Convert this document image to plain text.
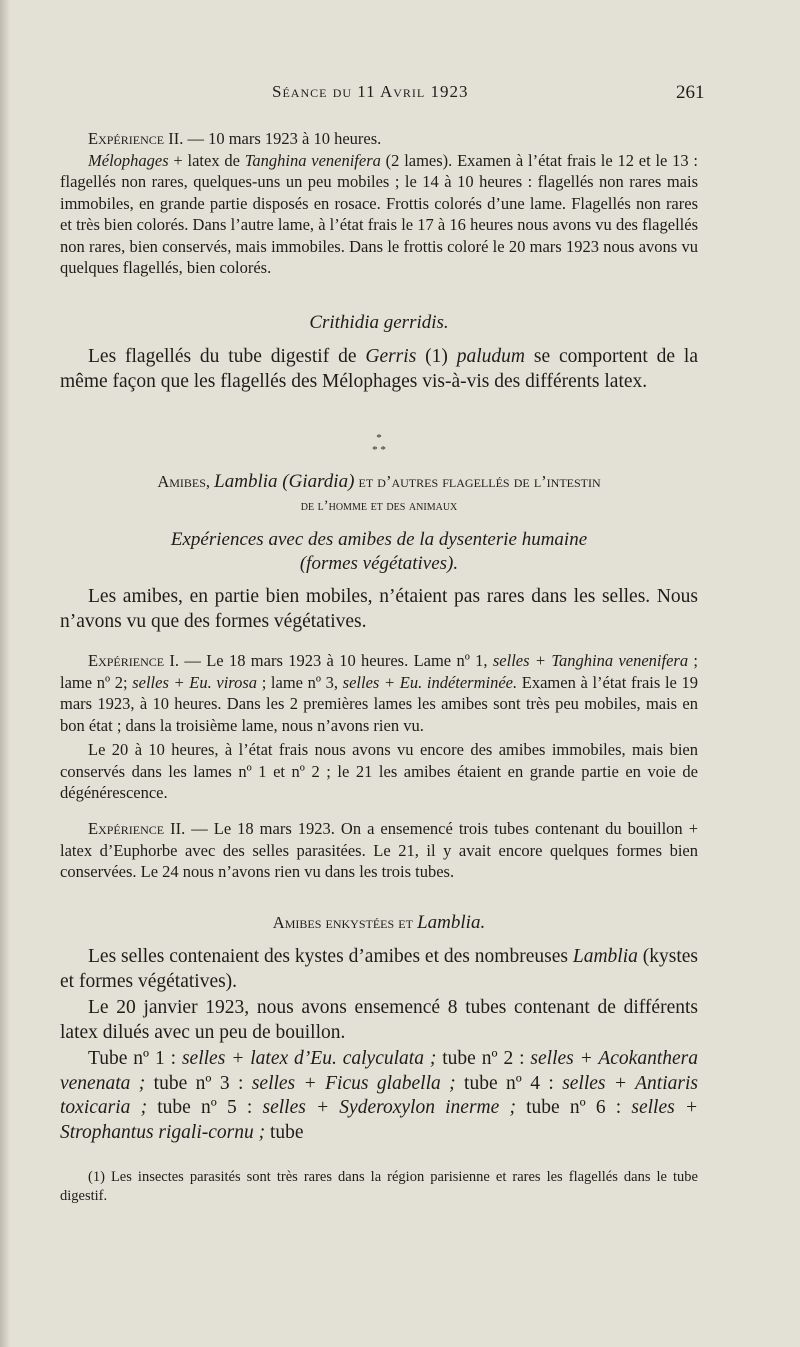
Séance du 11 Avril 1923	261

Expérience II. — 10 mars 1923 à 10 heures.

Mélophages + latex de Tanghina venenifera (2 lames). Examen à l’état frais le 12 et le 13 : flagellés non rares, quelques-uns un peu mobiles ; le 14 à 10 heures : flagellés non rares mais immobiles, en grande partie disposés en rosace. Frottis colorés d’une lame. Flagellés non rares et très bien colorés. Dans l’autre lame, à l’état frais le 17 à 16 heures nous avons vu des flagellés non rares, bien conservés, mais immobiles. Dans le frottis coloré le 20 mars 1923 nous avons vu quelques flagellés, bien colorés.

Crithidia gerridis.

Les flagellés du tube digestif de Gerris (1) paludum se comportent de la même façon que les flagellés des Mélophages vis-à-vis des différents latex.

*
* *
Amibes, Lamblia (Giardia) et d’autres flagellés de l’intestin
de l’homme et des animaux
Expériences avec des amibes de la dysenterie humaine
(formes végétatives).

Les amibes, en partie bien mobiles, n’étaient pas rares dans les selles. Nous n’avons vu que des formes végétatives.

Expérience I. — Le 18 mars 1923 à 10 heures. Lame nº 1, selles + Tanghina venenifera ; lame nº 2; selles + Eu. virosa ; lame nº 3, selles + Eu. indéterminée. Examen à l’état frais le 19 mars 1923, à 10 heures. Dans les 2 premières lames les amibes sont très peu mobiles, mais en bon état ; dans la troisième lame, nous n’avons rien vu.

Le 20 à 10 heures, à l’état frais nous avons vu encore des amibes immobiles, mais bien conservés dans les lames nº 1 et nº 2 ; le 21 les amibes étaient en grande partie en voie de dégénérescence.

Expérience II. — Le 18 mars 1923. On a ensemencé trois tubes contenant du bouillon + latex d’Euphorbe avec des selles parasitées. Le 21, il y avait encore quelques formes bien conservées. Le 24 nous n’avons rien vu dans les trois tubes.

Amibes enkystées et Lamblia.

Les selles contenaient des kystes d’amibes et des nombreuses Lamblia (kystes et formes végétatives).

Le 20 janvier 1923, nous avons ensemencé 8 tubes contenant de différents latex dilués avec un peu de bouillon.

Tube nº 1 : selles + latex d’Eu. calyculata ; tube nº 2 : selles + Acokanthera venenata ; tube nº 3 : selles + Ficus glabella ; tube nº 4 : selles + Antiaris toxicaria ; tube nº 5 : selles + Syderoxylon inerme ; tube nº 6 : selles + Strophantus rigali-cornu ; tube

(1) Les insectes parasités sont très rares dans la région parisienne et rares les flagellés dans le tube digestif.
